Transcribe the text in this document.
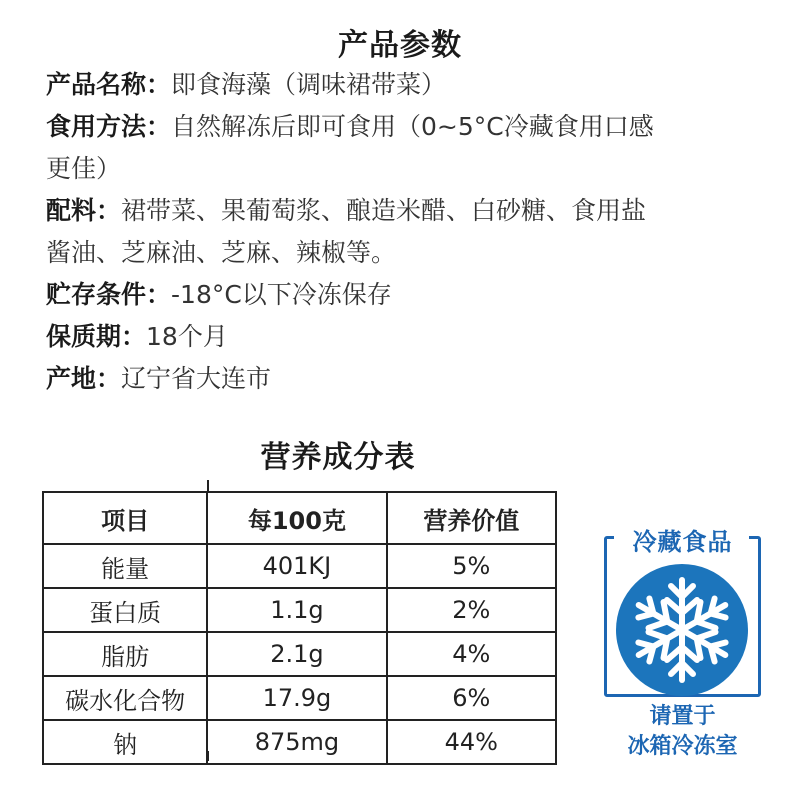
产品参数
产品名称：即食海藻（调味裙带菜）
食用方法：自然解冻后即可食用（0~5°C冷藏食用口感
更佳）
配料：裙带菜、果葡萄浆、酿造米醋、白砂糖、食用盐
酱油、芝麻油、芝麻、辣椒等。
贮存条件：-18°C以下冷冻保存
保质期：18个月
产地：辽宁省大连市
营养成分表
项目	每100克	营养价值
能量	401KJ	5%
蛋白质	1.1g	2%
脂肪	2.1g	4%
碳水化合物	17.9g	6%
钠	875mg	44%
冷藏食品
请置于
冰箱冷冻室
